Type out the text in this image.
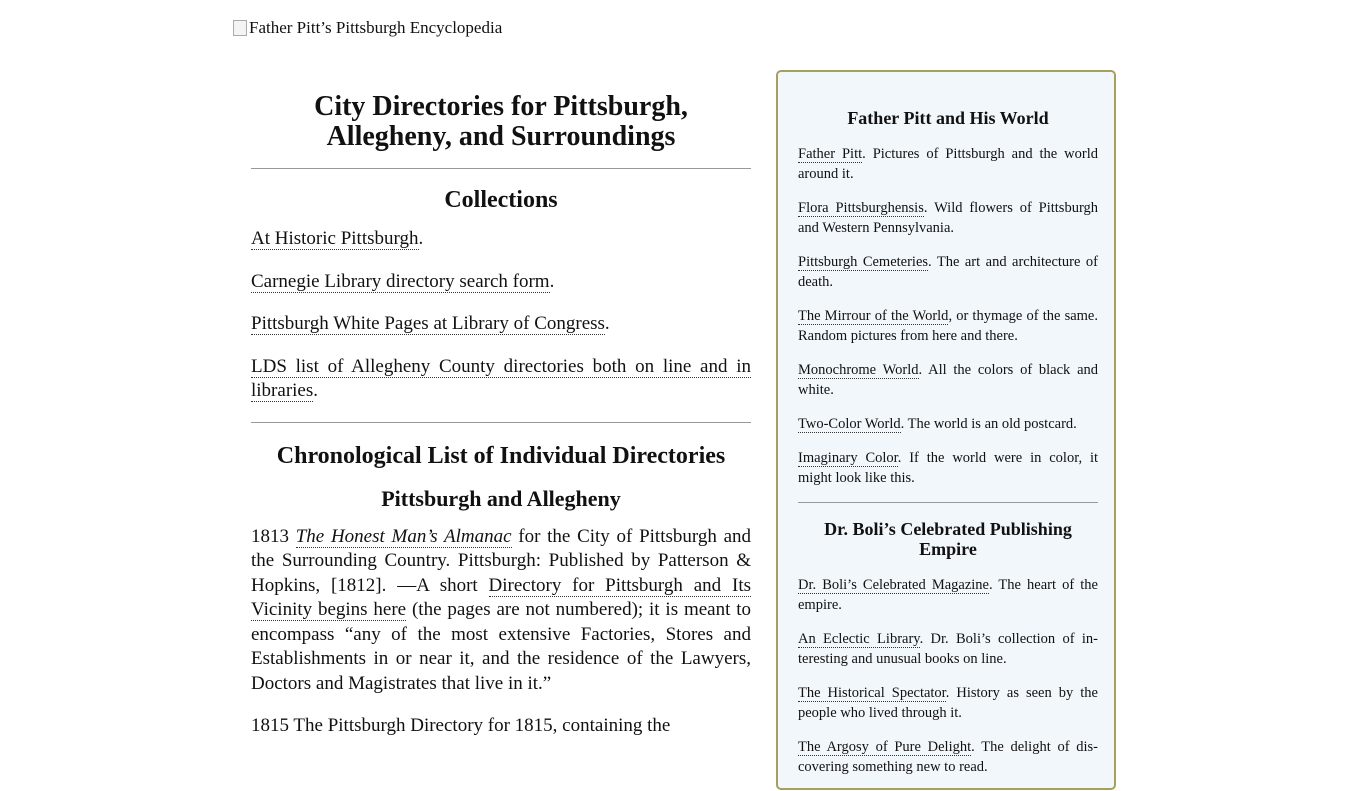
Father Pitt’s Pittsburgh Encyclopedia
City Directories for Pittsburgh, Allegheny, and Surroundings
Collections

At Historic Pittsburgh.

Carnegie Library directory search form.

Pittsburgh White Pages at Library of Congress.

LDS list of Allegheny County directories both on line and in libraries.

Chronological List of Individual Directories
Pittsburgh and Allegheny

1813 The Honest Man’s Almanac for the City of Pittsburgh and the Surrounding Country. Pittsburgh: Published by Patterson & Hopkins, [1812]. —A short Directory for Pittsburgh and Its Vicinity begins here (the pages are not numbered); it is meant to encompass “any of the most extensive Factories, Stores and Establishments in or near it, and the residence of the Lawyers, Doctors and Magistrates that live in it.”

1815 The Pittsburgh Directory for 1815, containing the

Father Pitt and His World

Father Pitt. Pictures of Pittsburgh and the world around it.

Flora Pittsburghensis. Wild flowers of Pittsburgh and Western Pennsylvania.

Pittsburgh Cemeteries. The art and architecture of death.

The Mirrour of the World, or thymage of the same. Random pictures from here and there.

Monochrome World. All the colors of black and white.

Two-Color World. The world is an old postcard.

Imaginary Color. If the world were in color, it might look like this.

Dr. Boli’s Celebrated Publishing Empire

Dr. Boli’s Celebrated Magazine. The heart of the empire.

An Eclectic Library. Dr. Boli’s collection of interesting and unusual books on line.

The Historical Spectator. History as seen by the people who lived through it.

The Argosy of Pure Delight. The delight of discovering something new to read.
